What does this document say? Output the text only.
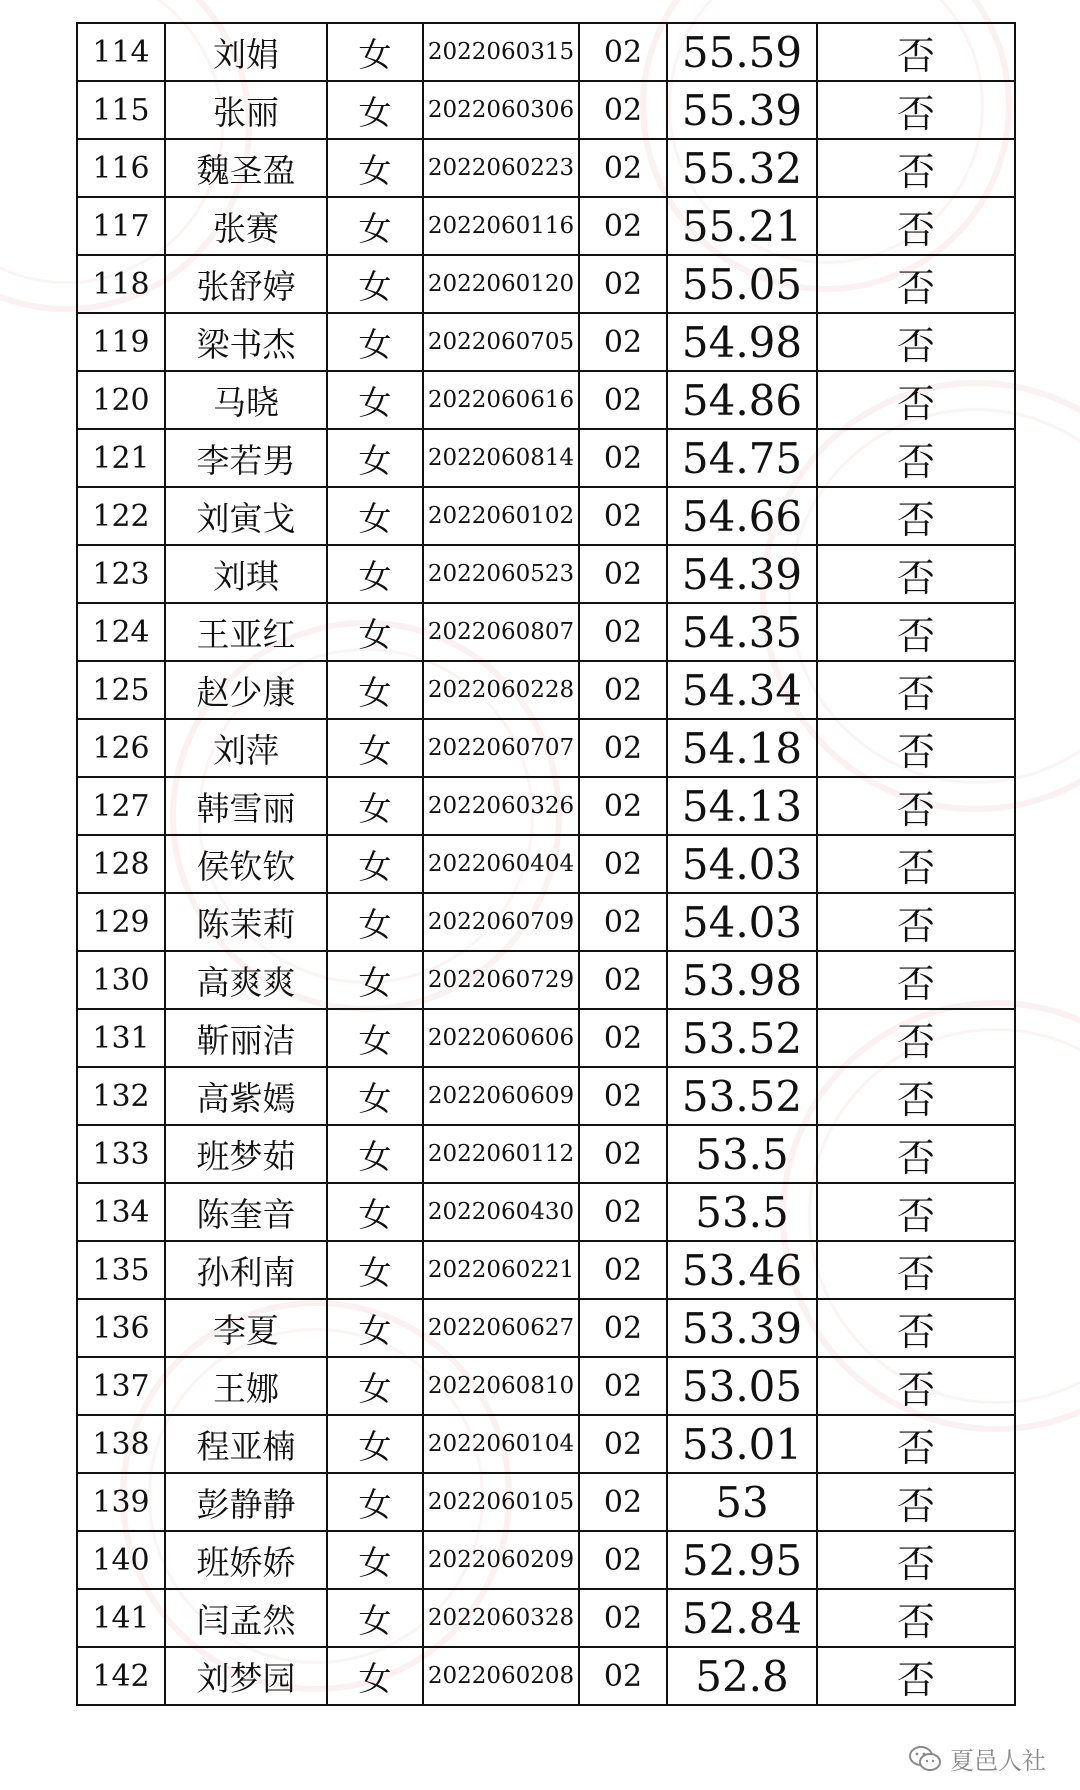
114	刘娟	女	2022060315	02	55.59	否
115	张丽	女	2022060306	02	55.39	否
116	魏圣盈	女	2022060223	02	55.32	否
117	张赛	女	2022060116	02	55.21	否
118	张舒婷	女	2022060120	02	55.05	否
119	梁书杰	女	2022060705	02	54.98	否
120	马晓	女	2022060616	02	54.86	否
121	李若男	女	2022060814	02	54.75	否
122	刘寅戈	女	2022060102	02	54.66	否
123	刘琪	女	2022060523	02	54.39	否
124	王亚红	女	2022060807	02	54.35	否
125	赵少康	女	2022060228	02	54.34	否
126	刘萍	女	2022060707	02	54.18	否
127	韩雪丽	女	2022060326	02	54.13	否
128	侯钦钦	女	2022060404	02	54.03	否
129	陈茉莉	女	2022060709	02	54.03	否
130	高爽爽	女	2022060729	02	53.98	否
131	靳丽洁	女	2022060606	02	53.52	否
132	高紫嫣	女	2022060609	02	53.52	否
133	班梦茹	女	2022060112	02	53.5	否
134	陈奎音	女	2022060430	02	53.5	否
135	孙利南	女	2022060221	02	53.46	否
136	李夏	女	2022060627	02	53.39	否
137	王娜	女	2022060810	02	53.05	否
138	程亚楠	女	2022060104	02	53.01	否
139	彭静静	女	2022060105	02	53	否
140	班娇娇	女	2022060209	02	52.95	否
141	闫孟然	女	2022060328	02	52.84	否
142	刘梦园	女	2022060208	02	52.8	否
夏邑人社
